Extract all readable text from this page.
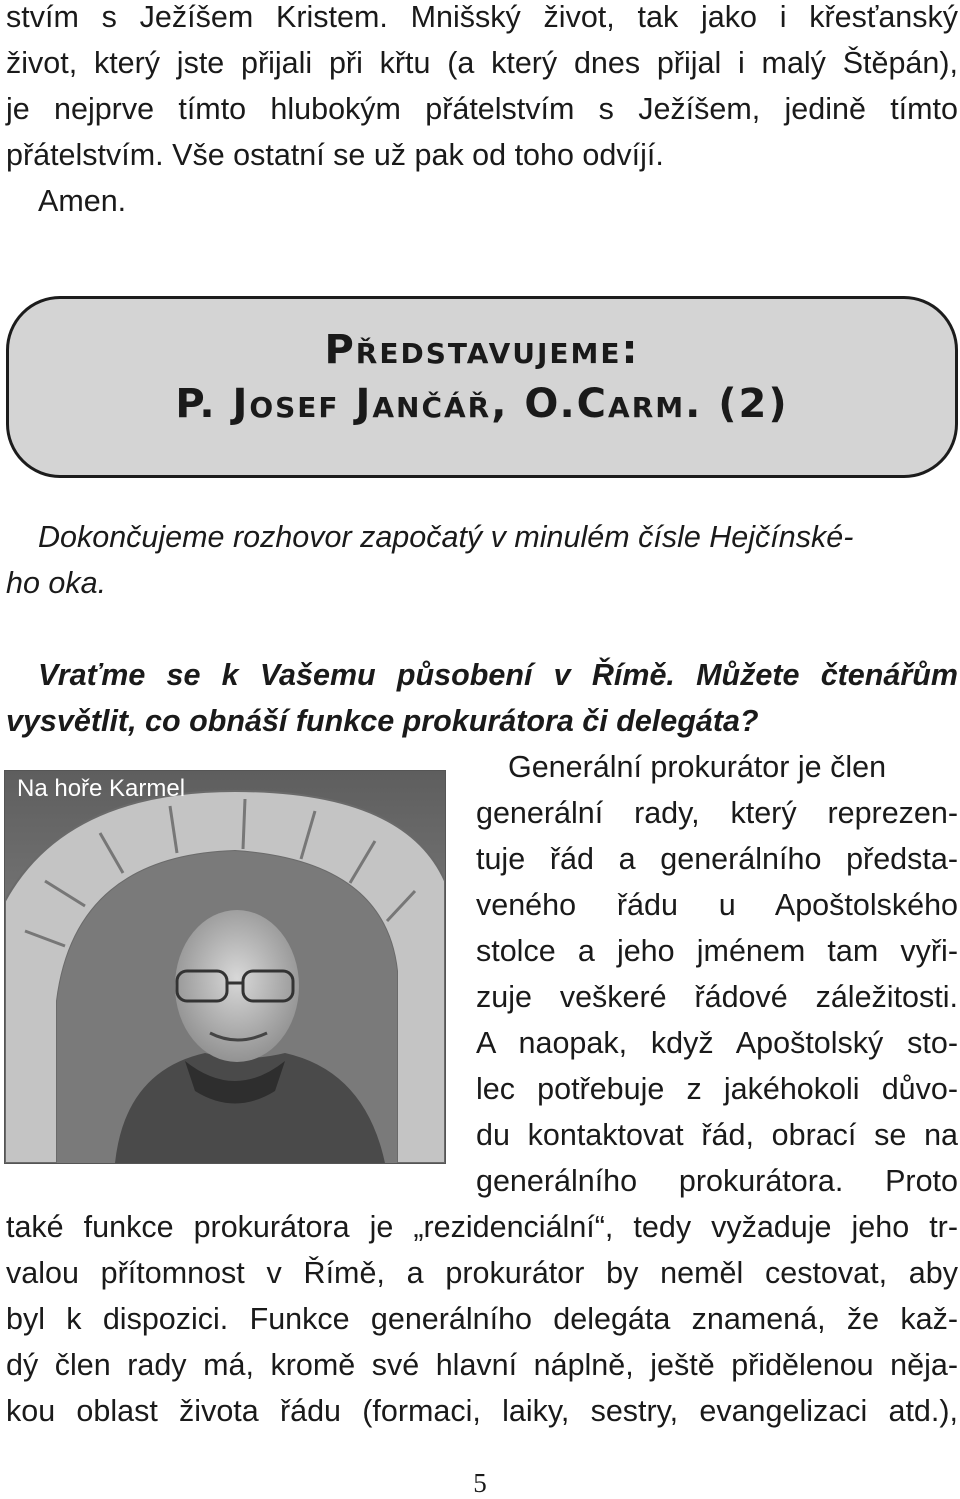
stvím s Ježíšem Kristem. Mnišský život, tak jako i křesťanský
život, který jste přijali při křtu (a který dnes přijal i malý Štěpán),
je nejprve tímto hlubokým přátelstvím s Ježíšem, jedině tímto
přátelstvím. Vše ostatní se už pak od toho odvíjí.
Amen.
Představujeme:
P. Josef Jančář, O.Carm. (2)
Dokončujeme rozhovor započatý v minulém čísle Hejčínské-
ho oka.
Vraťme se k Vašemu působení v Římě. Můžete čtenářům
vysvětlit, co obnáší funkce prokurátora či delegáta?
Na hoře Karmel
Generální prokurátor je člen
generální rady, který reprezen-
tuje řád a generálního předsta-
veného řádu u Apoštolského
stolce a jeho jménem tam vyři-
zuje veškeré řádové záležitosti.
A naopak, když Apoštolský sto-
lec potřebuje z jakéhokoli důvo-
du kontaktovat řád, obrací se na
generálního prokurátora. Proto
také funkce prokurátora je „rezidenciální“, tedy vyžaduje jeho tr-
valou přítomnost v Římě, a prokurátor by neměl cestovat, aby
byl k dispozici. Funkce generálního delegáta znamená, že kaž-
dý člen rady má, kromě své hlavní náplně, ještě přidělenou něja-
kou oblast života řádu (formaci, laiky, sestry, evangelizaci atd.),
5
